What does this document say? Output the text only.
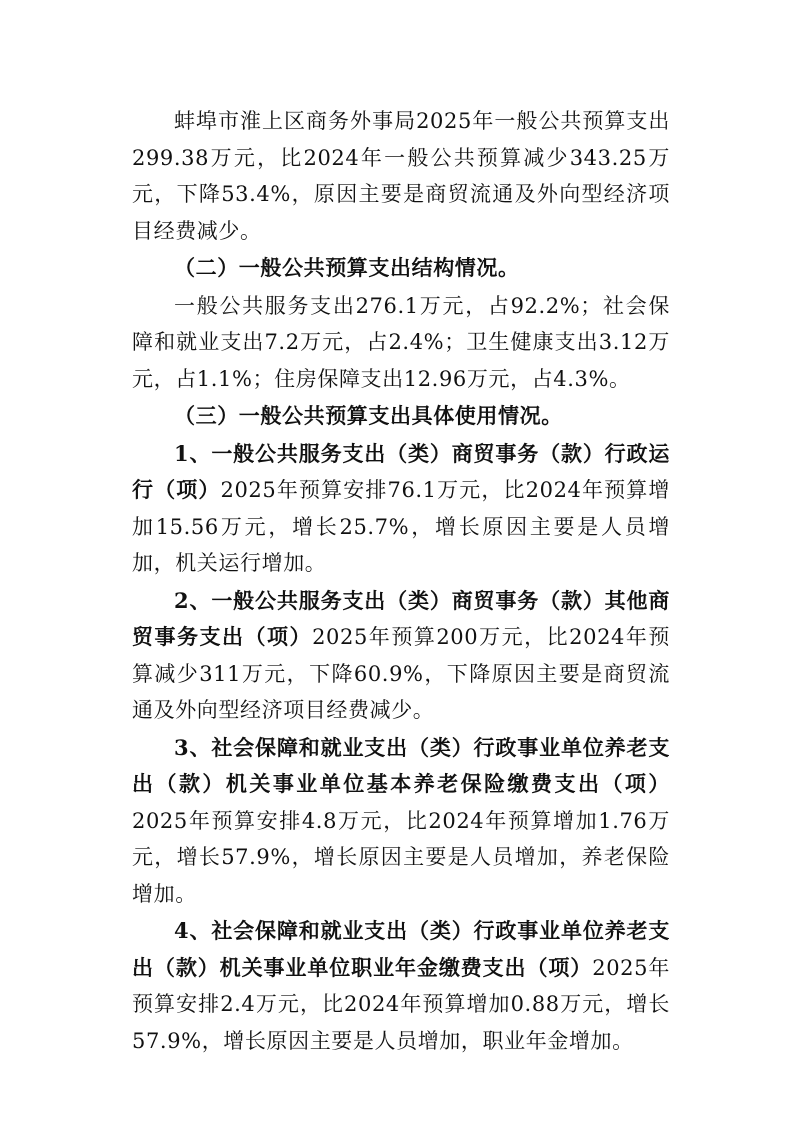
蚌埠市淮上区商务外事局2025年一般公共预算支出299.38万元，比2024年一般公共预算减少343.25万元，下降53.4%，原因主要是商贸流通及外向型经济项目经费减少。

（二）一般公共预算支出结构情况。

一般公共服务支出276.1万元，占92.2%；社会保障和就业支出7.2万元，占2.4%；卫生健康支出3.12万元，占1.1%；住房保障支出12.96万元，占4.3%。

（三）一般公共预算支出具体使用情况。

1、一般公共服务支出（类）商贸事务（款）行政运行（项）2025年预算安排76.1万元，比2024年预算增加15.56万元，增长25.7%，增长原因主要是人员增加，机关运行增加。

2、一般公共服务支出（类）商贸事务（款）其他商贸事务支出（项）2025年预算200万元，比2024年预算减少311万元，下降60.9%，下降原因主要是商贸流通及外向型经济项目经费减少。

3、社会保障和就业支出（类）行政事业单位养老支出（款）机关事业单位基本养老保险缴费支出（项）2025年预算安排4.8万元，比2024年预算增加1.76万元，增长57.9%，增长原因主要是人员增加，养老保险增加。

4、社会保障和就业支出（类）行政事业单位养老支出（款）机关事业单位职业年金缴费支出（项）2025年预算安排2.4万元，比2024年预算增加0.88万元，增长57.9%，增长原因主要是人员增加，职业年金增加。
